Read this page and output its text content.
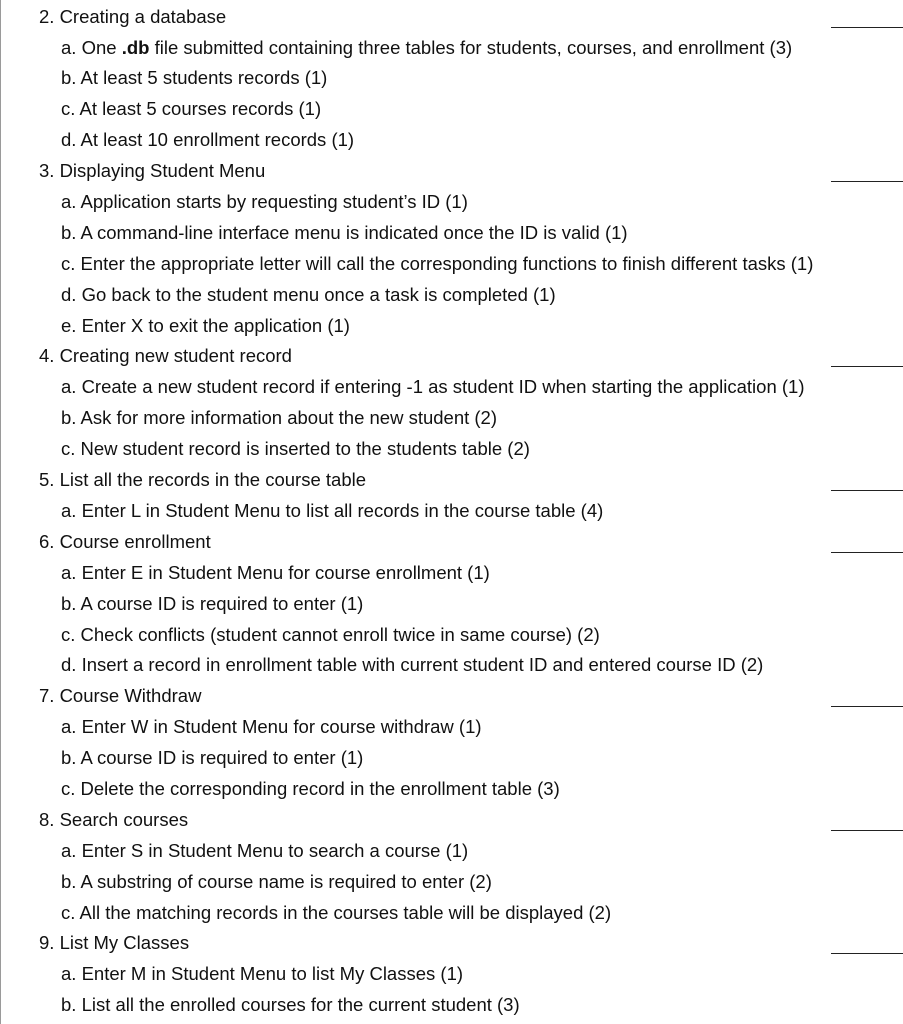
2. Creating a database
a. One .db file submitted containing three tables for students, courses, and enrollment (3)
b. At least 5 students records (1)
c. At least 5 courses records (1)
d. At least 10 enrollment records (1)
3. Displaying Student Menu
a. Application starts by requesting student’s ID (1)
b. A command-line interface menu is indicated once the ID is valid (1)
c. Enter the appropriate letter will call the corresponding functions to finish different tasks (1)
d. Go back to the student menu once a task is completed (1)
e. Enter X to exit the application (1)
4. Creating new student record
a. Create a new student record if entering -1 as student ID when starting the application (1)
b. Ask for more information about the new student (2)
c. New student record is inserted to the students table (2)
5. List all the records in the course table
a. Enter L in Student Menu to list all records in the course table (4)
6. Course enrollment
a. Enter E in Student Menu for course enrollment (1)
b. A course ID is required to enter (1)
c. Check conflicts (student cannot enroll twice in same course) (2)
d. Insert a record in enrollment table with current student ID and entered course ID (2)
7. Course Withdraw
a. Enter W in Student Menu for course withdraw (1)
b. A course ID is required to enter (1)
c. Delete the corresponding record in the enrollment table (3)
8. Search courses
a. Enter S in Student Menu to search a course (1)
b. A substring of course name is required to enter (2)
c. All the matching records in the courses table will be displayed (2)
9. List My Classes
a. Enter M in Student Menu to list My Classes (1)
b. List all the enrolled courses for the current student (3)
